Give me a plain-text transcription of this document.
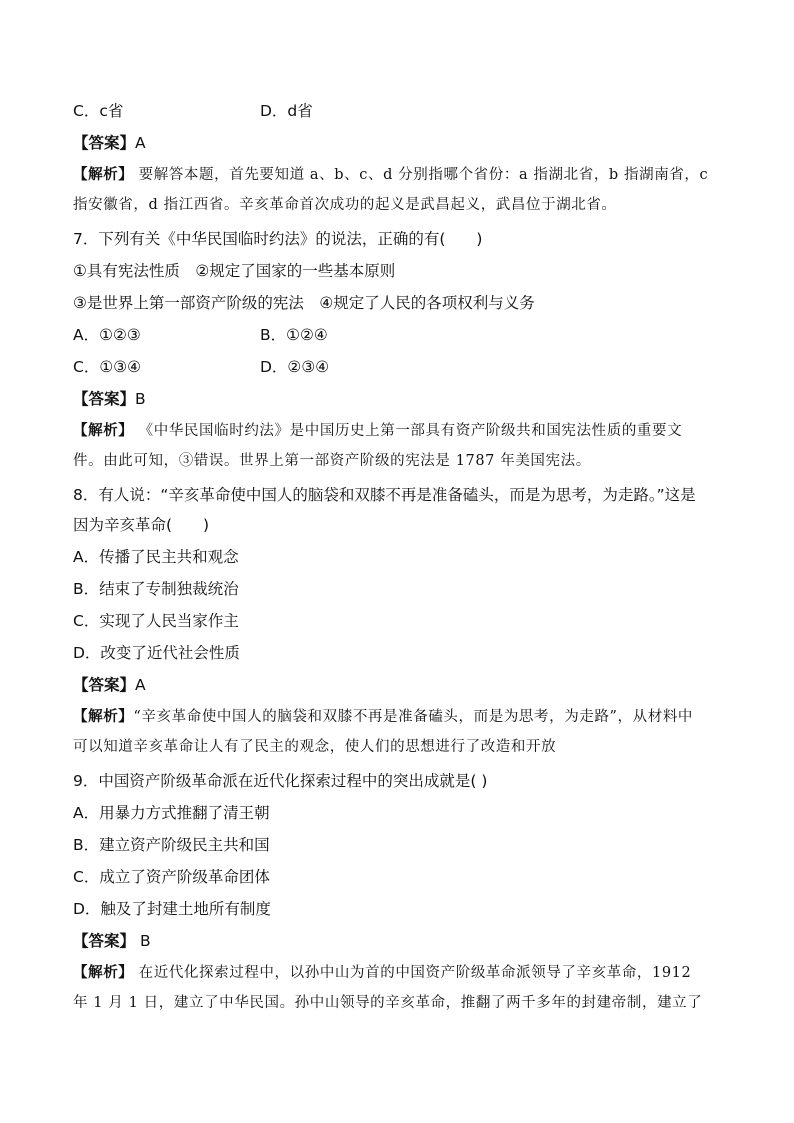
C．c省	D．d省
【答案】A
【解析】 要解答本题，首先要知道 a、b、c、d 分别指哪个省份：a 指湖北省，b 指湖南省，c
指安徽省，d 指江西省。辛亥革命首次成功的起义是武昌起义，武昌位于湖北省。
7．下列有关《中华民国临时约法》的说法，正确的有(　　)
①具有宪法性质　②规定了国家的一些基本原则
③是世界上第一部资产阶级的宪法　④规定了人民的各项权利与义务
A．①②③	B．①②④
C．①③④	D．②③④
【答案】B
【解析】 《中华民国临时约法》是中国历史上第一部具有资产阶级共和国宪法性质的重要文
件。由此可知，③错误。世界上第一部资产阶级的宪法是 1787 年美国宪法。
8．有人说：“辛亥革命使中国人的脑袋和双膝不再是准备磕头，而是为思考，为走路。”这是
因为辛亥革命(　　)
A．传播了民主共和观念
B．结束了专制独裁统治
C．实现了人民当家作主
D．改变了近代社会性质
【答案】A
【解析】“辛亥革命使中国人的脑袋和双膝不再是准备磕头，而是为思考，为走路”，从材料中
可以知道辛亥革命让人有了民主的观念，使人们的思想进行了改造和开放
9．中国资产阶级革命派在近代化探索过程中的突出成就是( )
A．用暴力方式推翻了清王朝
B．建立资产阶级民主共和国
C．成立了资产阶级革命团体
D．触及了封建土地所有制度
【答案】 B
【解析】 在近代化探索过程中，以孙中山为首的中国资产阶级革命派领导了辛亥革命，1912
年 1 月 1 日，建立了中华民国。孙中山领导的辛亥革命，推翻了两千多年的封建帝制，建立了
